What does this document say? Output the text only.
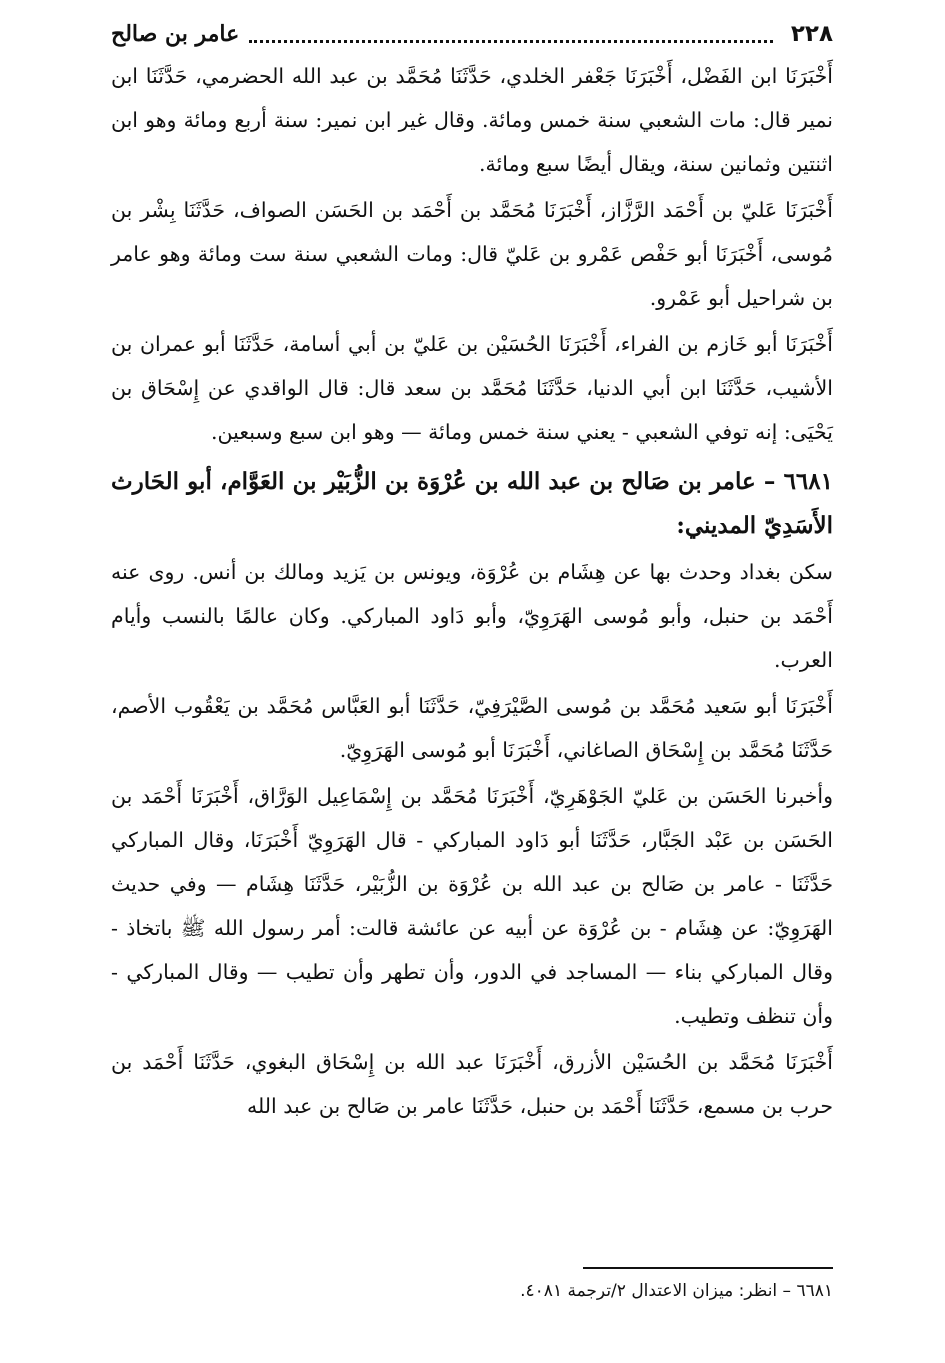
٢٢٨
عامر بن صالح

أَخْبَرَنَا ابن الفَضْل، أَخْبَرَنَا جَعْفر الخلدي، حَدَّثَنَا مُحَمَّد بن عبد الله الحضرمي، حَدَّثَنَا ابن نمير قال: مات الشعبي سنة خمس ومائة. وقال غير ابن نمير: سنة أربع ومائة وهو ابن اثنتين وثمانين سنة، ويقال أيضًا سبع ومائة.

أَخْبَرَنَا عَليّ بن أَحْمَد الرَّزَّاز، أَخْبَرَنَا مُحَمَّد بن أَحْمَد بن الحَسَن الصواف، حَدَّثَنَا بِشْر بن مُوسى، أَخْبَرَنَا أبو حَفْص عَمْرو بن عَليّ قال: ومات الشعبي سنة ست ومائة وهو عامر بن شراحيل أبو عَمْرو.

أَخْبَرَنَا أبو خَازم بن الفراء، أَخْبَرَنَا الحُسَيْن بن عَليّ بن أبي أسامة، حَدَّثَنَا أبو عمران بن الأشيب، حَدَّثَنَا ابن أبي الدنيا، حَدَّثَنَا مُحَمَّد بن سعد قال: قال الواقدي عن إِسْحَاق بن يَحْيَى: إنه توفي الشعبي - يعني سنة خمس ومائة — وهو ابن سبع وسبعين.

٦٦٨١ – عامر بن صَالح بن عبد الله بن عُرْوَة بن الزُّبَيْر بن العَوَّام، أبو الحَارث الأَسَدِيّ المديني:

سكن بغداد وحدث بها عن هِشَام بن عُرْوَة، ويونس بن يَزيد ومالك بن أنس. روى عنه أَحْمَد بن حنبل، وأبو مُوسى الهَرَوِيّ، وأبو دَاود المباركي. وكان عالمًا بالنسب وأيام العرب.

أَخْبَرَنَا أبو سَعيد مُحَمَّد بن مُوسى الصَّيْرَفِيّ، حَدَّثَنَا أبو العَبَّاس مُحَمَّد بن يَعْقُوب الأصم، حَدَّثَنَا مُحَمَّد بن إِسْحَاق الصاغاني، أَخْبَرَنَا أبو مُوسى الهَرَوِيّ.

وأخبرنا الحَسَن بن عَليّ الجَوْهَرِيّ، أَخْبَرَنَا مُحَمَّد بن إِسْمَاعِيل الوَرَّاق، أَخْبَرَنَا أَحْمَد بن الحَسَن بن عَبْد الجَبَّار، حَدَّثَنَا أبو دَاود المباركي - قال الهَرَوِيّ أَخْبَرَنَا، وقال المباركي حَدَّثَنَا - عامر بن صَالح بن عبد الله بن عُرْوَة بن الزُّبَيْر، حَدَّثَنَا هِشَام — وفي حديث الهَرَوِيّ: عن هِشَام - بن عُرْوَة عن أبيه عن عائشة قالت: أمر رسول الله ﷺ باتخاذ - وقال المباركي بناء — المساجد في الدور، وأن تطهر وأن تطيب — وقال المباركي - وأن تنظف وتطيب.

أَخْبَرَنَا مُحَمَّد بن الحُسَيْن الأزرق، أَخْبَرَنَا عبد الله بن إِسْحَاق البغوي، حَدَّثَنَا أَحْمَد بن حرب بن مسمع، حَدَّثَنَا أَحْمَد بن حنبل، حَدَّثَنَا عامر بن صَالح بن عبد الله

٦٦٨١ – انظر: ميزان الاعتدال ٢/ترجمة ٤٠٨١.
